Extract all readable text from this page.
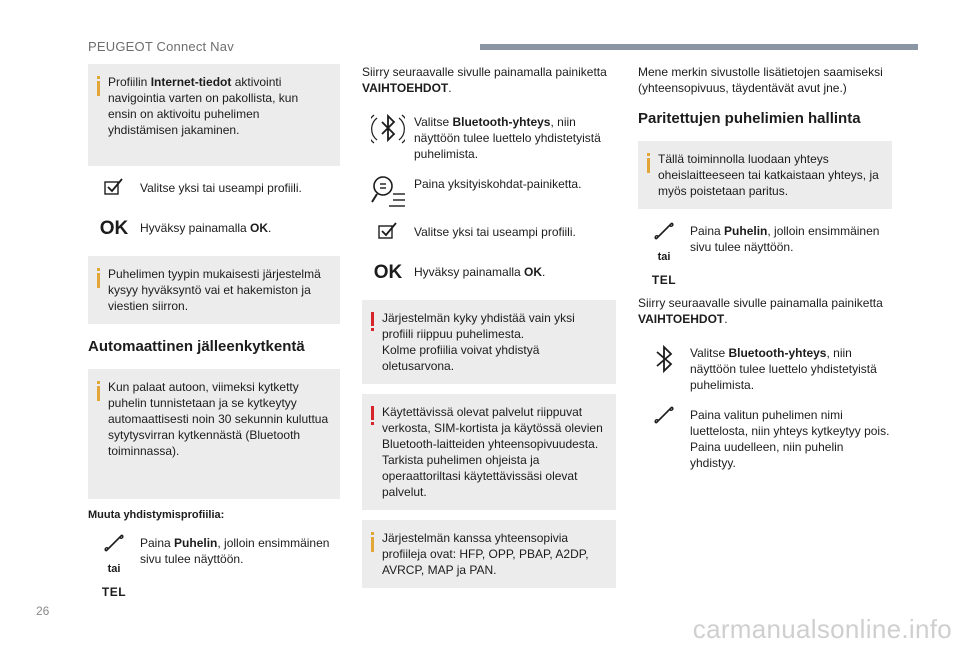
PEUGEOT Connect Nav

Profiilin Internet-tiedot aktivointi navigointia varten on pakollista, kun ensin on aktivoitu puhelimen yhdistämisen jakaminen.

Valitse yksi tai useampi profiili.
OK Hyväksy painamalla OK.

Puhelimen tyypin mukaisesti järjestelmä kysyy hyväksyntö vai et hakemiston ja viestien siirron.

Automaattinen jälleenkytkentä

Kun palaat autoon, viimeksi kytketty puhelin tunnistetaan ja se kytkeytyy automaattisesti noin 30 sekunnin kuluttua sytytysvirran kytkennästä (Bluetooth toiminnassa).

Muuta yhdistymisprofiilia:
tai
TEL
Paina Puhelin, jolloin ensimmäinen sivu tulee näyttöön.
Siirry seuraavalle sivulle painamalla painiketta VAIHTOEHDOT.
Valitse Bluetooth-yhteys, niin näyttöön tulee luettelo yhdistetyistä puhelimista.
Paina yksityiskohdat-painiketta.
Valitse yksi tai useampi profiili.
OK Hyväksy painamalla OK.

Järjestelmän kyky yhdistää vain yksi profiili riippuu puhelimesta.

Kolme profiilia voivat yhdistyä oletusarvona.

Käytettävissä olevat palvelut riippuvat verkosta, SIM-kortista ja käytössä olevien Bluetooth-laitteiden yhteensopivuudesta. Tarkista puhelimen ohjeista ja operaattoriltasi käytettävissäsi olevat palvelut.

Järjestelmän kanssa yhteensopivia profiileja ovat: HFP, OPP, PBAP, A2DP, AVRCP, MAP ja PAN.

Mene merkin sivustolle lisätietojen saamiseksi (yhteensopivuus, täydentävät avut jne.)
Paritettujen puhelimien hallinta

Tällä toiminnolla luodaan yhteys oheislaitteeseen tai katkaistaan yhteys, ja myös poistetaan paritus.

tai
TEL
Paina Puhelin, jolloin ensimmäinen sivu tulee näyttöön.
Siirry seuraavalle sivulle painamalla painiketta VAIHTOEHDOT.
Valitse Bluetooth-yhteys, niin näyttöön tulee luettelo yhdistetyistä puhelimista.
Paina valitun puhelimen nimi luettelosta, niin yhteys kytkeytyy pois.
Paina uudelleen, niin puhelin yhdistyy.
26
carmanualsonline.info
